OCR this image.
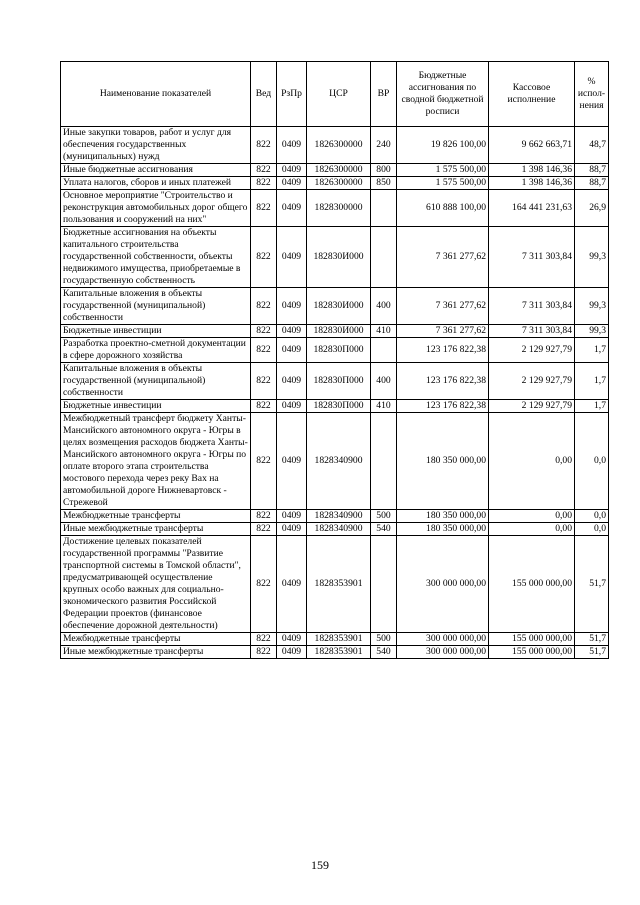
Наименование показателей	Вед	РзПр	ЦСР	ВР	Бюджетные ассигнования по сводной бюджетной росписи	Кассовое исполнение	% испол-нения
Иные закупки товаров, работ и услуг для обеспечения государственных (муниципальных) нужд	822	0409	1826300000	240	19 826 100,00	9 662 663,71	48,7
Иные бюджетные ассигнования	822	0409	1826300000	800	1 575 500,00	1 398 146,36	88,7
Уплата налогов, сборов и иных платежей	822	0409	1826300000	850	1 575 500,00	1 398 146,36	88,7
Основное мероприятие "Строительство и реконструкция автомобильных дорог общего пользования и сооружений на них"	822	0409	1828300000		610 888 100,00	164 441 231,63	26,9
Бюджетные ассигнования на объекты капитального строительства государственной собственности, объекты недвижимого имущества, приобретаемые в государственную собственность	822	0409	182830И000		7 361 277,62	7 311 303,84	99,3
Капитальные вложения в объекты государственной (муниципальной) собственности	822	0409	182830И000	400	7 361 277,62	7 311 303,84	99,3
Бюджетные инвестиции	822	0409	182830И000	410	7 361 277,62	7 311 303,84	99,3
Разработка проектно-сметной документации в сфере дорожного хозяйства	822	0409	182830П000		123 176 822,38	2 129 927,79	1,7
Капитальные вложения в объекты государственной (муниципальной) собственности	822	0409	182830П000	400	123 176 822,38	2 129 927,79	1,7
Бюджетные инвестиции	822	0409	182830П000	410	123 176 822,38	2 129 927,79	1,7
Межбюджетный трансферт бюджету Ханты-Мансийского автономного округа - Югры в целях возмещения расходов бюджета Ханты-Мансийского автономного округа - Югры по оплате второго этапа строительства мостового перехода через реку Вах на автомобильной дороге Нижневартовск - Стрежевой	822	0409	1828340900		180 350 000,00	0,00	0,0
Межбюджетные трансферты	822	0409	1828340900	500	180 350 000,00	0,00	0,0
Иные межбюджетные трансферты	822	0409	1828340900	540	180 350 000,00	0,00	0,0
Достижение целевых показателей государственной программы "Развитие транспортной системы в Томской области", предусматривающей осуществление крупных особо важных для социально-экономического развития Российской Федерации проектов (финансовое обеспечение дорожной деятельности)	822	0409	1828353901		300 000 000,00	155 000 000,00	51,7
Межбюджетные трансферты	822	0409	1828353901	500	300 000 000,00	155 000 000,00	51,7
Иные межбюджетные трансферты	822	0409	1828353901	540	300 000 000,00	155 000 000,00	51,7
159
